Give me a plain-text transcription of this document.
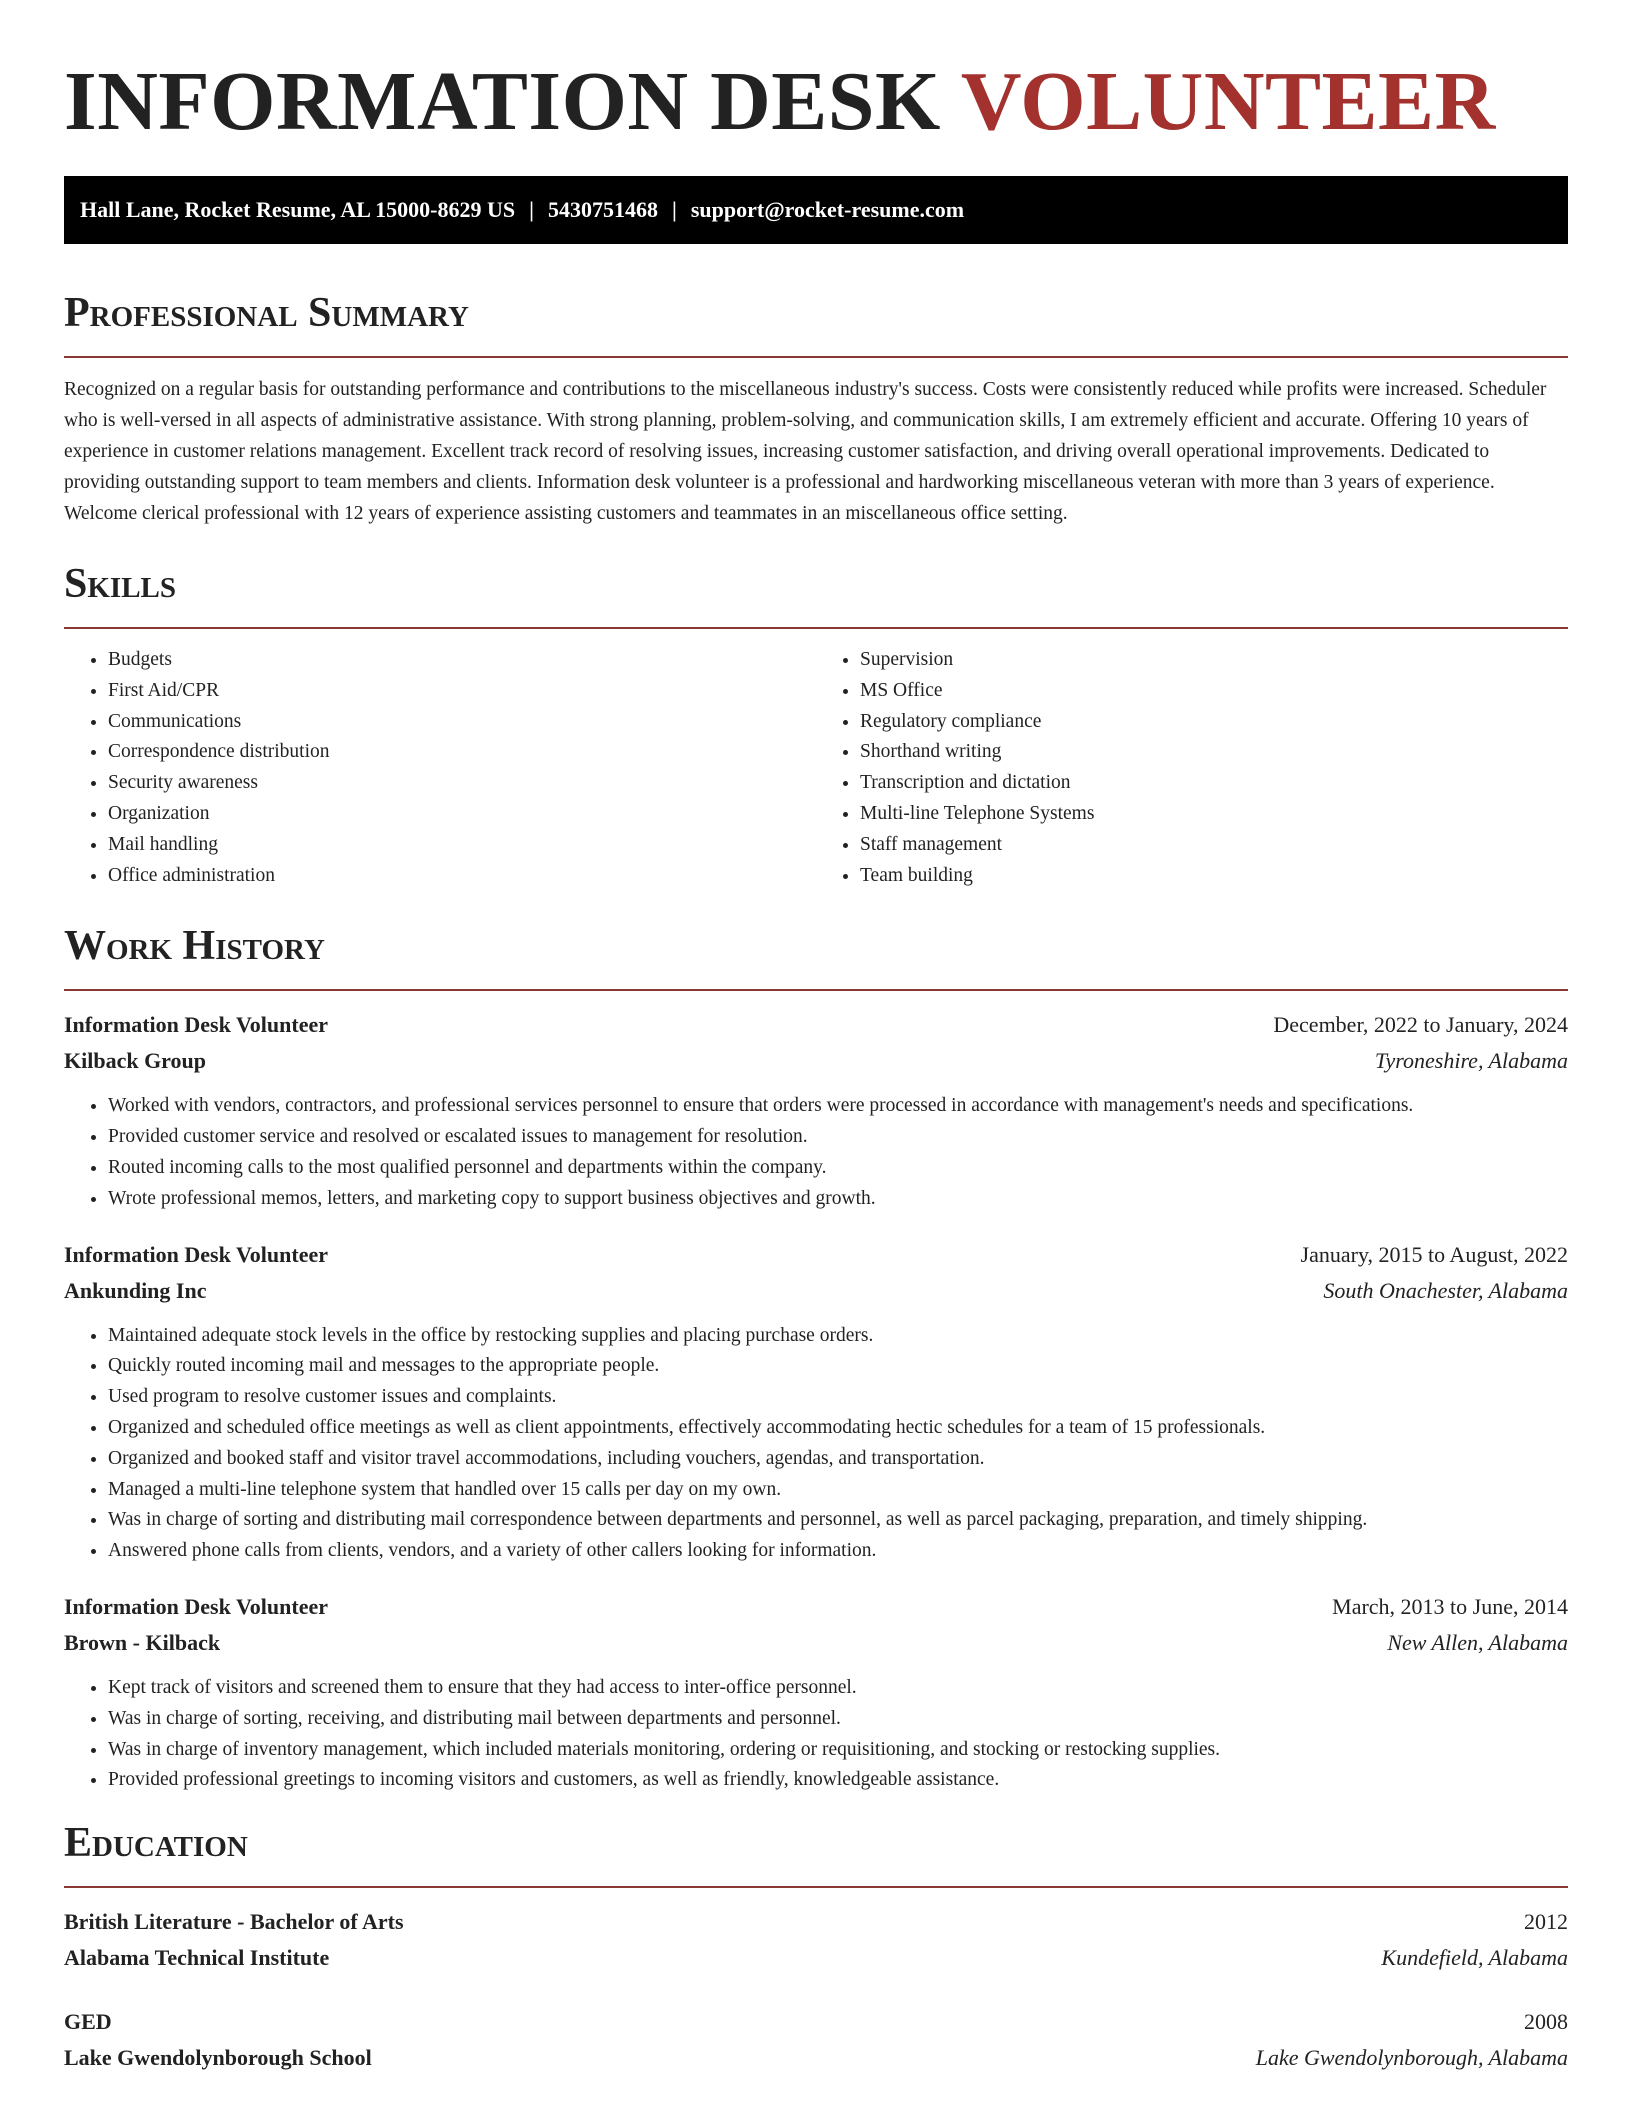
INFORMATION DESK VOLUNTEER
Hall Lane, Rocket Resume, AL 15000-8629 US | 5430751468 | support@rocket-resume.com
Professional Summary

Recognized on a regular basis for outstanding performance and contributions to the miscellaneous industry's success. Costs were consistently reduced while profits were increased. Scheduler who is well-versed in all aspects of administrative assistance. With strong planning, problem-solving, and communication skills, I am extremely efficient and accurate. Offering 10 years of experience in customer relations management. Excellent track record of resolving issues, increasing customer satisfaction, and driving overall operational improvements. Dedicated to providing outstanding support to team members and clients. Information desk volunteer is a professional and hardworking miscellaneous veteran with more than 3 years of experience. Welcome clerical professional with 12 years of experience assisting customers and teammates in an miscellaneous office setting.

Skills
• Budgets
• First Aid/CPR
• Communications
• Correspondence distribution
• Security awareness
• Organization
• Mail handling
• Office administration
• Supervision
• MS Office
• Regulatory compliance
• Shorthand writing
• Transcription and dictation
• Multi-line Telephone Systems
• Staff management
• Team building
Work History
Information Desk Volunteer	December, 2022 to January, 2024
Kilback Group	Tyroneshire, Alabama
• Worked with vendors, contractors, and professional services personnel to ensure that orders were processed in accordance with management's needs and specifications.
• Provided customer service and resolved or escalated issues to management for resolution.
• Routed incoming calls to the most qualified personnel and departments within the company.
• Wrote professional memos, letters, and marketing copy to support business objectives and growth.
Information Desk Volunteer	January, 2015 to August, 2022
Ankunding Inc	South Onachester, Alabama
• Maintained adequate stock levels in the office by restocking supplies and placing purchase orders.
• Quickly routed incoming mail and messages to the appropriate people.
• Used program to resolve customer issues and complaints.
• Organized and scheduled office meetings as well as client appointments, effectively accommodating hectic schedules for a team of 15 professionals.
• Organized and booked staff and visitor travel accommodations, including vouchers, agendas, and transportation.
• Managed a multi-line telephone system that handled over 15 calls per day on my own.
• Was in charge of sorting and distributing mail correspondence between departments and personnel, as well as parcel packaging, preparation, and timely shipping.
• Answered phone calls from clients, vendors, and a variety of other callers looking for information.
Information Desk Volunteer	March, 2013 to June, 2014
Brown - Kilback	New Allen, Alabama
• Kept track of visitors and screened them to ensure that they had access to inter-office personnel.
• Was in charge of sorting, receiving, and distributing mail between departments and personnel.
• Was in charge of inventory management, which included materials monitoring, ordering or requisitioning, and stocking or restocking supplies.
• Provided professional greetings to incoming visitors and customers, as well as friendly, knowledgeable assistance.
Education
British Literature - Bachelor of Arts	2012
Alabama Technical Institute	Kundefield, Alabama
GED	2008
Lake Gwendolynborough School	Lake Gwendolynborough, Alabama
